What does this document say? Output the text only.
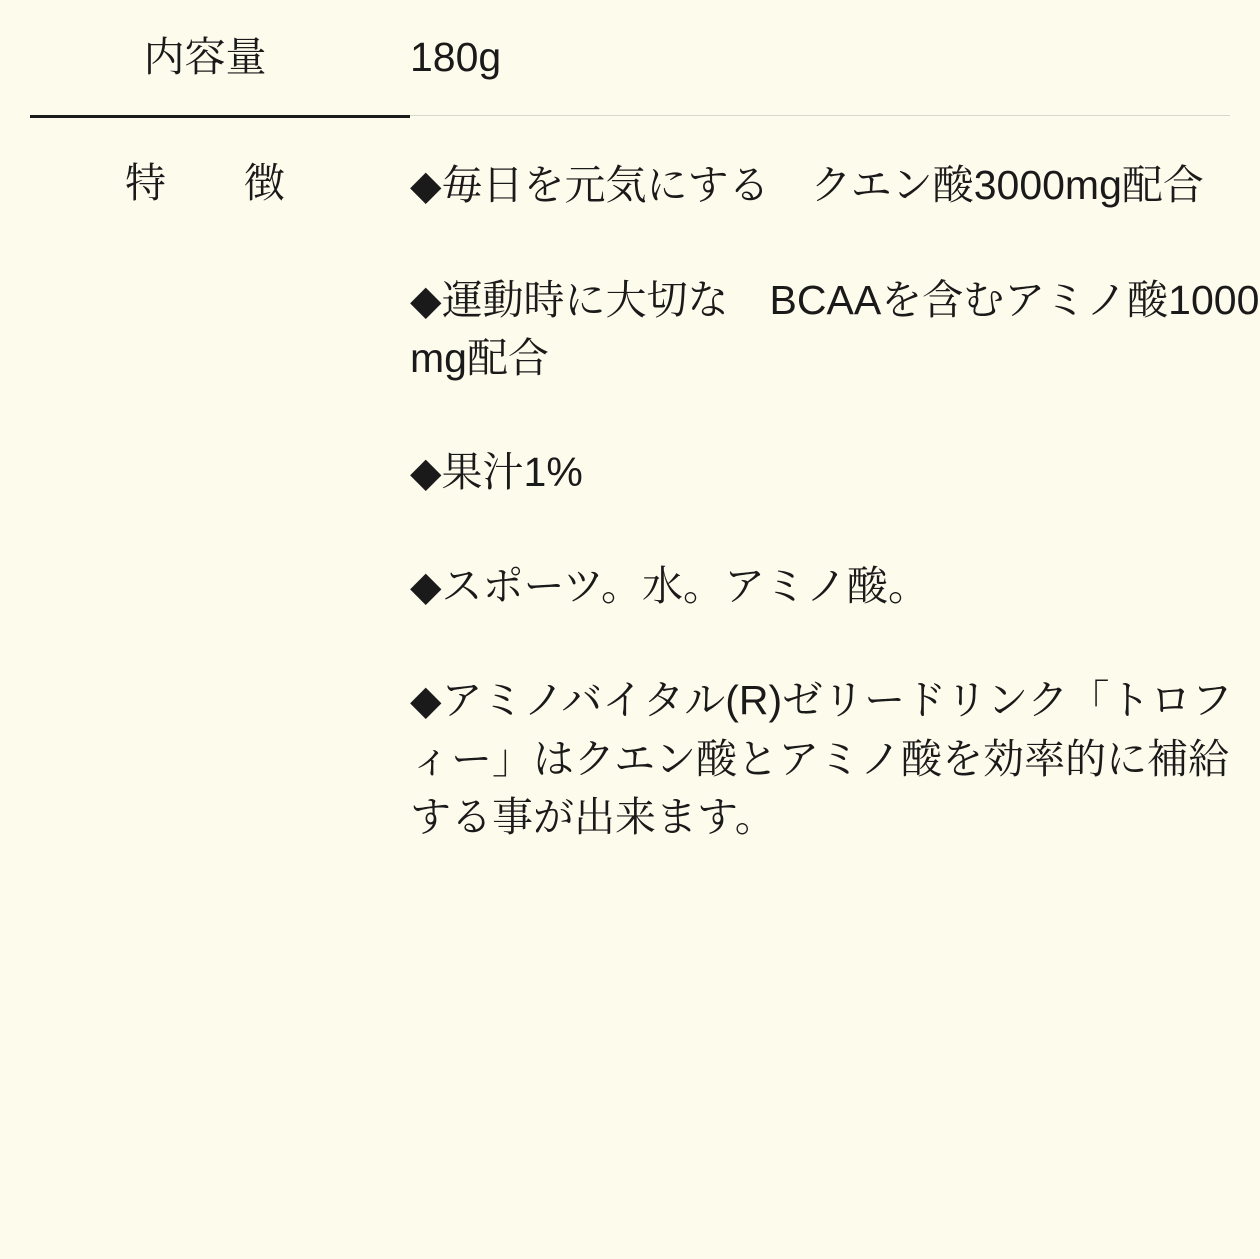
内容量	180g

特　徴	◆毎日を元気にする　クエン酸3000mg配合

◆運動時に大切な　BCAAを含むアミノ酸1000mg配合

◆果汁1%

◆スポーツ。水。アミノ酸。

◆アミノバイタル(R)ゼリードリンク「トロフィー」はクエン酸とアミノ酸を効率的に補給する事が出来ます。
